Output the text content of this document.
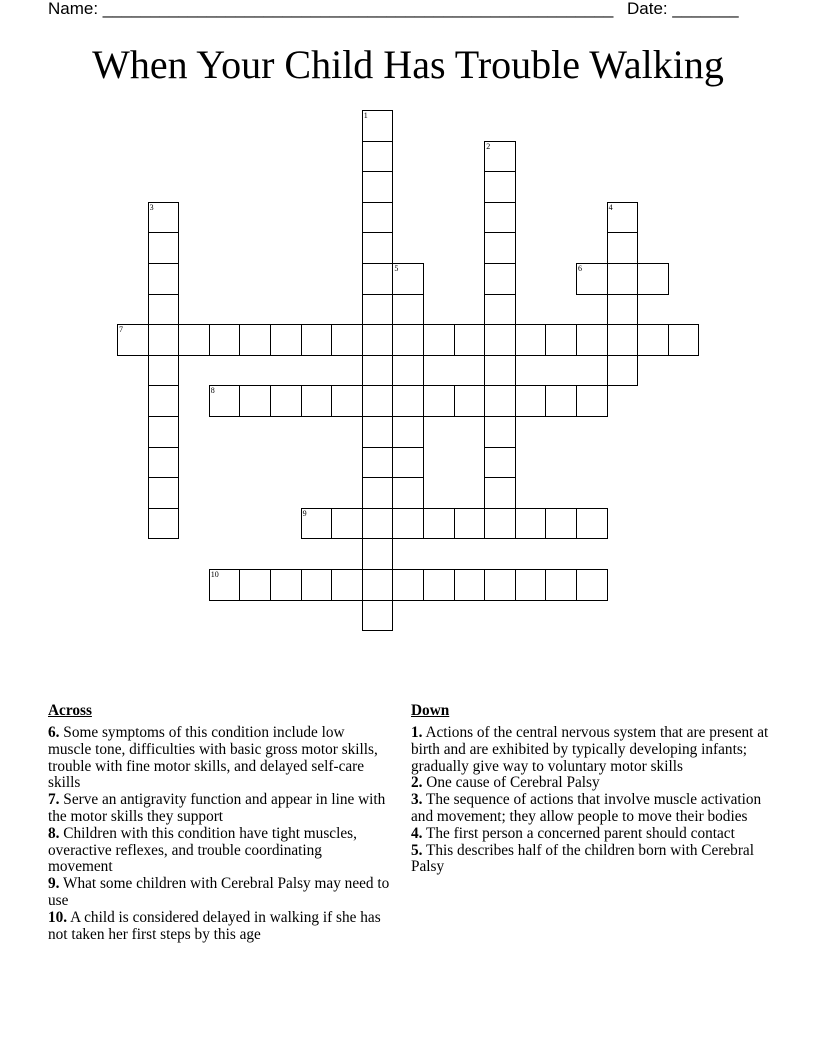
Name: ______________________________________________________ Date: _______
When Your Child Has Trouble Walking
1
2
3	4
5	6
7
8
9
10
Across

6. Some symptoms of this condition include low muscle tone, difficulties with basic gross motor skills, trouble with fine motor skills, and delayed self-care skills

7. Serve an antigravity function and appear in line with the motor skills they support

8. Children with this condition have tight muscles, overactive reflexes, and trouble coordinating movement

9. What some children with Cerebral Palsy may need to use

10. A child is considered delayed in walking if she has not taken her first steps by this age

Down

1. Actions of the central nervous system that are present at birth and are exhibited by typically developing infants; gradually give way to voluntary motor skills

2. One cause of Cerebral Palsy

3. The sequence of actions that involve muscle activation and movement; they allow people to move their bodies

4. The first person a concerned parent should contact

5. This describes half of the children born with Cerebral Palsy
